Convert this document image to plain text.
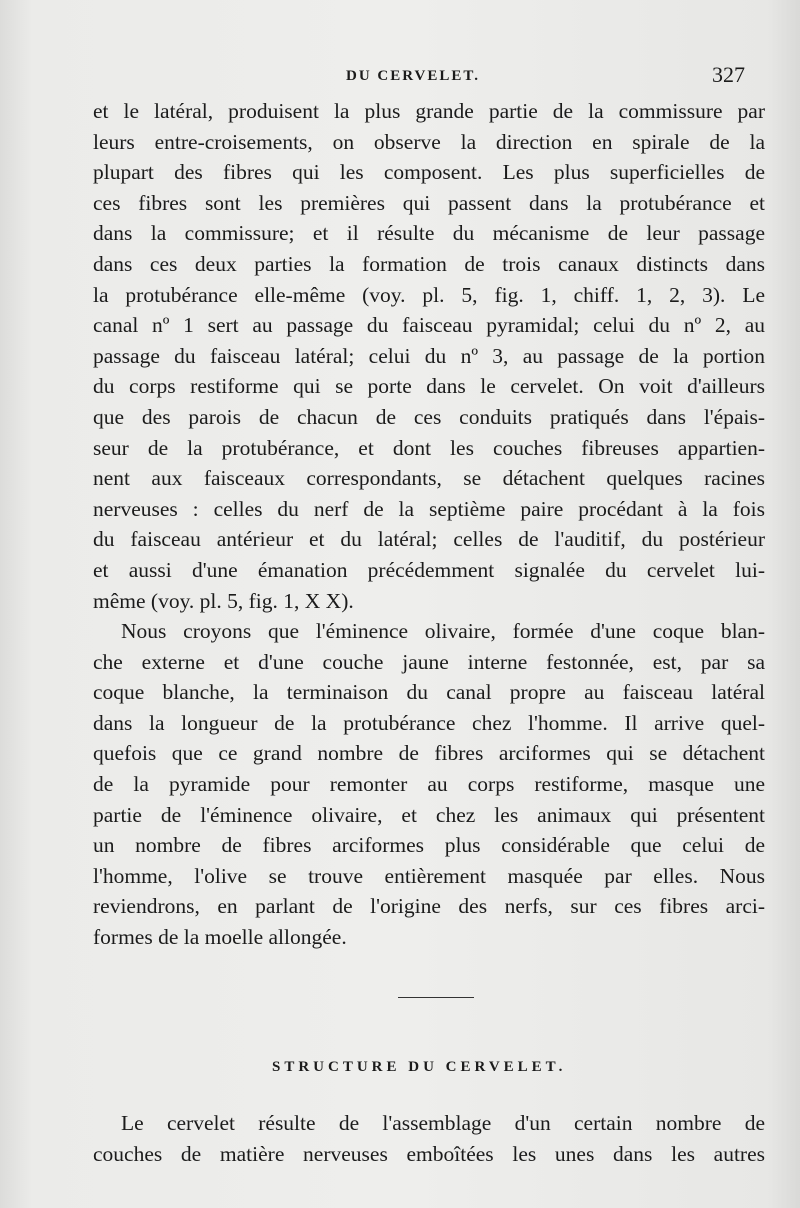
DU CERVELET.	327
et le latéral, produisent la plus grande partie de la commissure par
leurs entre-croisements, on observe la direction en spirale de la
plupart des fibres qui les composent. Les plus superficielles de
ces fibres sont les premières qui passent dans la protubérance et
dans la commissure; et il résulte du mécanisme de leur passage
dans ces deux parties la formation de trois canaux distincts dans
la protubérance elle-même (voy. pl. 5, fig. 1, chiff. 1, 2, 3). Le
canal nº 1 sert au passage du faisceau pyramidal; celui du nº 2, au
passage du faisceau latéral; celui du nº 3, au passage de la portion
du corps restiforme qui se porte dans le cervelet. On voit d'ailleurs
que des parois de chacun de ces conduits pratiqués dans l'épais-
seur de la protubérance, et dont les couches fibreuses appartien-
nent aux faisceaux correspondants, se détachent quelques racines
nerveuses : celles du nerf de la septième paire procédant à la fois
du faisceau antérieur et du latéral; celles de l'auditif, du postérieur
et aussi d'une émanation précédemment signalée du cervelet lui-
même (voy. pl. 5, fig. 1, X X).
Nous croyons que l'éminence olivaire, formée d'une coque blan-
che externe et d'une couche jaune interne festonnée, est, par sa
coque blanche, la terminaison du canal propre au faisceau latéral
dans la longueur de la protubérance chez l'homme. Il arrive quel-
quefois que ce grand nombre de fibres arciformes qui se détachent
de la pyramide pour remonter au corps restiforme, masque une
partie de l'éminence olivaire, et chez les animaux qui présentent
un nombre de fibres arciformes plus considérable que celui de
l'homme, l'olive se trouve entièrement masquée par elles. Nous
reviendrons, en parlant de l'origine des nerfs, sur ces fibres arci-
formes de la moelle allongée.
STRUCTURE DU CERVELET.
Le cervelet résulte de l'assemblage d'un certain nombre de
couches de matière nerveuses emboîtées les unes dans les autres
